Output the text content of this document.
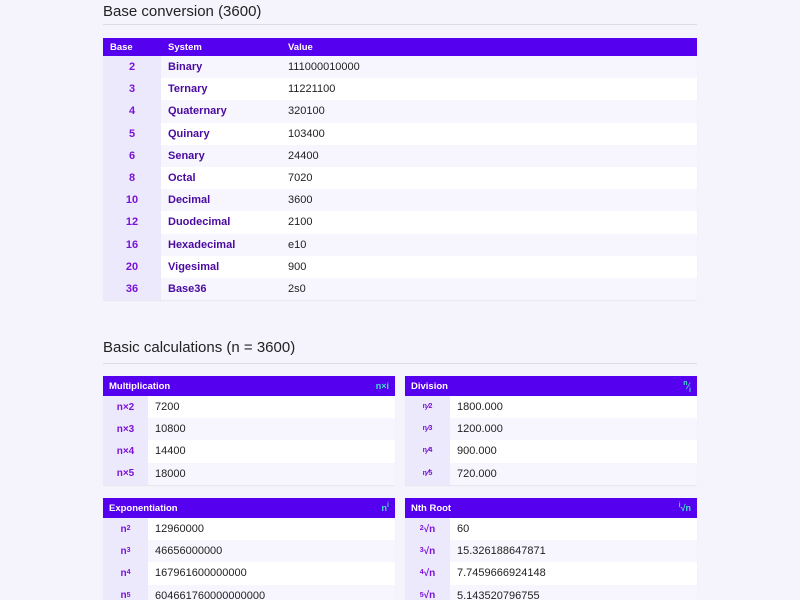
Base conversion (3600)
Base	System	Value
2	Binary	111000010000
3	Ternary	11221100
4	Quaternary	320100
5	Quinary	103400
6	Senary	24400
8	Octal	7020
10	Decimal	3600
12	Duodecimal	2100
16	Hexadecimal	e10
20	Vigesimal	900
36	Base36	2s0
Basic calculations (n = 3600)
Multiplication	n×i
n×2	7200
n×3	10800
n×4	14400
n×5	18000
Division	$^n⁄_i$
n ⁄ 2	1800.000
n ⁄ 3	1200.000
n ⁄ 4	900.000
n ⁄ 5	720.000
Exponentiation	$n^i$
n 2	12960000
n 3	46656000000
n 4	167961600000000
n 5	604661760000000000
Nth Root	$^i$√n
2 √n	60
3 √n	15.326188647871
4 √n	7.7459666924148
5 √n	5.143520796755
